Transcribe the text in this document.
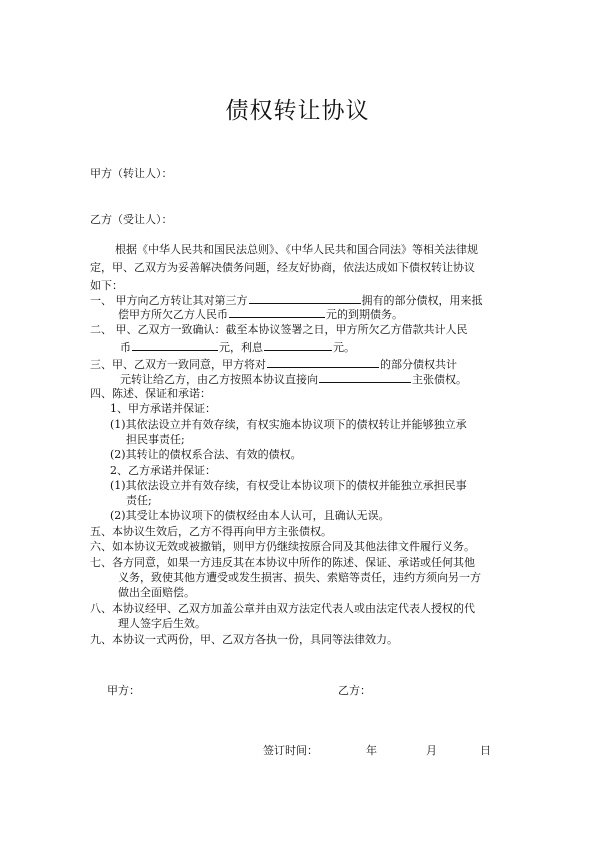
债权转让协议
甲方（转让人）：
乙方（受让人）：
根据《中华人民共和国民法总则》、《中华人民共和国合同法》等相关法律规
定，甲、乙双方为妥善解决债务问题，经友好协商，依法达成如下债权转让协议
如下：
一、 甲方向乙方转让其对第三方	拥有的部分债权，用来抵
偿甲方所欠乙方人民币	元的到期债务。
二、 甲、乙双方一致确认：截至本协议签署之日，甲方所欠乙方借款共计人民
币	元，利息	元。
三、甲、乙双方一致同意，甲方将对	的部分债权共计
元转让给乙方，由乙方按照本协议直接向	主张债权。
四、陈述、保证和承诺：
1、甲方承诺并保证：
(1)其依法设立并有效存续，有权实施本协议项下的债权转让并能够独立承
担民事责任;
(2)其转让的债权系合法、有效的债权。
2、乙方承诺并保证：
(1)其依法设立并有效存续，有权受让本协议项下的债权并能独立承担民事
责任;
(2)其受让本协议项下的债权经由本人认可，且确认无误。
五、本协议生效后，乙方不得再向甲方主张债权。
六、如本协议无效或被撤销，则甲方仍继续按原合同及其他法律文件履行义务。
七、各方同意，如果一方违反其在本协议中所作的陈述、保证、承诺或任何其他
义务，致使其他方遭受或发生损害、损失、索赔等责任，违约方须向另一方
做出全面赔偿。
八、本协议经甲、乙双方加盖公章并由双方法定代表人或由法定代表人授权的代
理人签字后生效。
九、本协议一式两份，甲、乙双方各执一份，具同等法律效力。
甲方：	乙方：
签订时间：	年	月	日
